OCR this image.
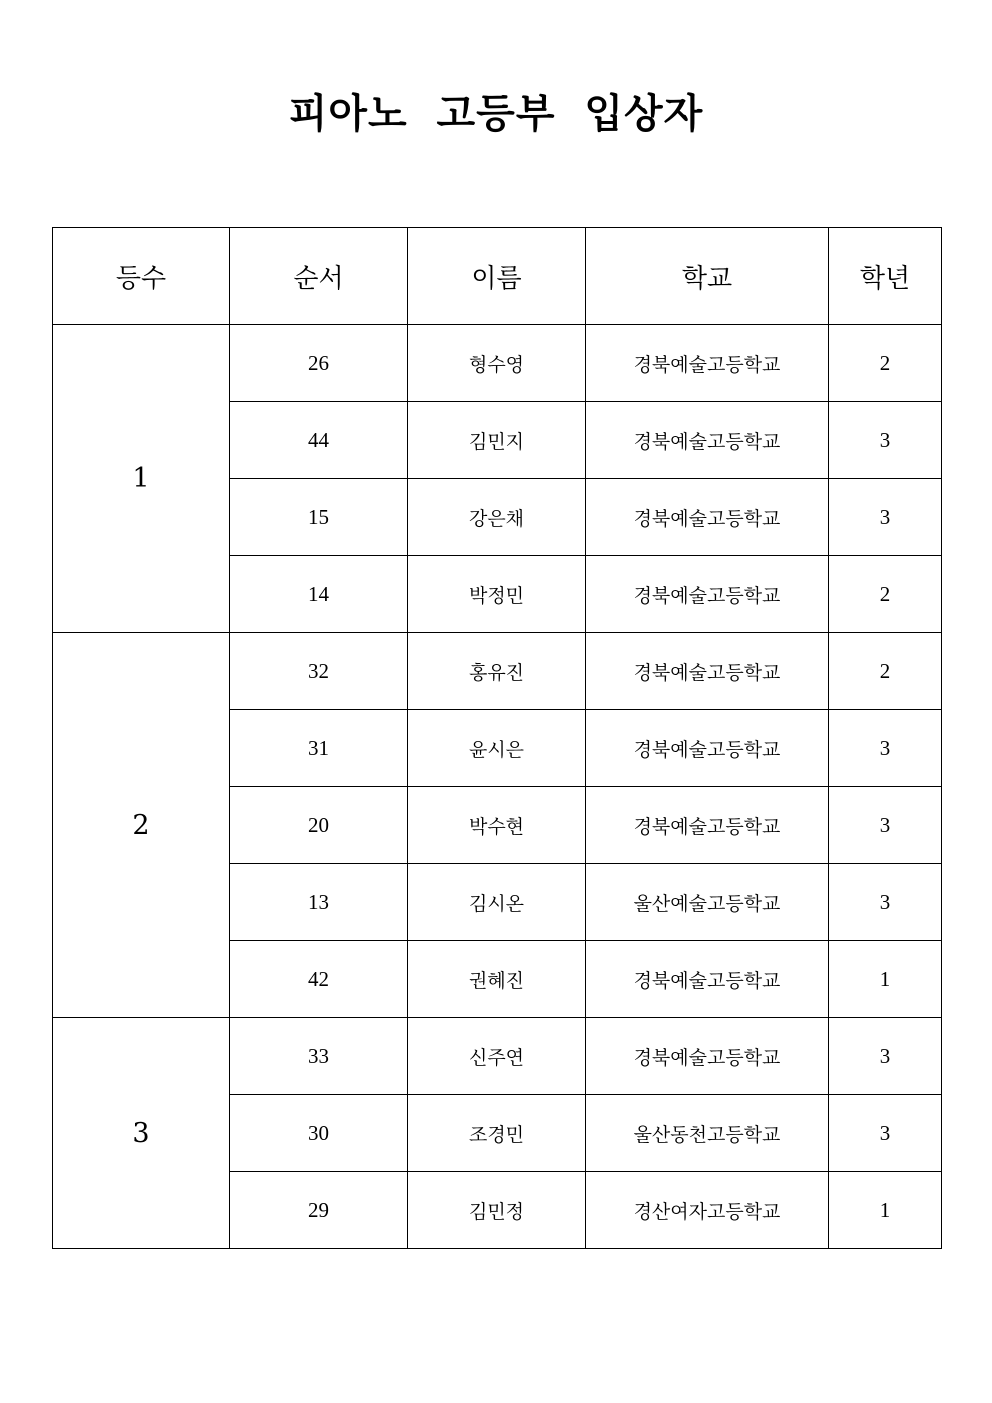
피아노 고등부 입상자
등수	순서	이름	학교	학년
1	26	형수영	경북예술고등학교	2
	44	김민지	경북예술고등학교	3
	15	강은채	경북예술고등학교	3
	14	박정민	경북예술고등학교	2
2	32	홍유진	경북예술고등학교	2
	31	윤시은	경북예술고등학교	3
	20	박수현	경북예술고등학교	3
	13	김시온	울산예술고등학교	3
	42	권혜진	경북예술고등학교	1
3	33	신주연	경북예술고등학교	3
	30	조경민	울산동천고등학교	3
	29	김민정	경산여자고등학교	1
